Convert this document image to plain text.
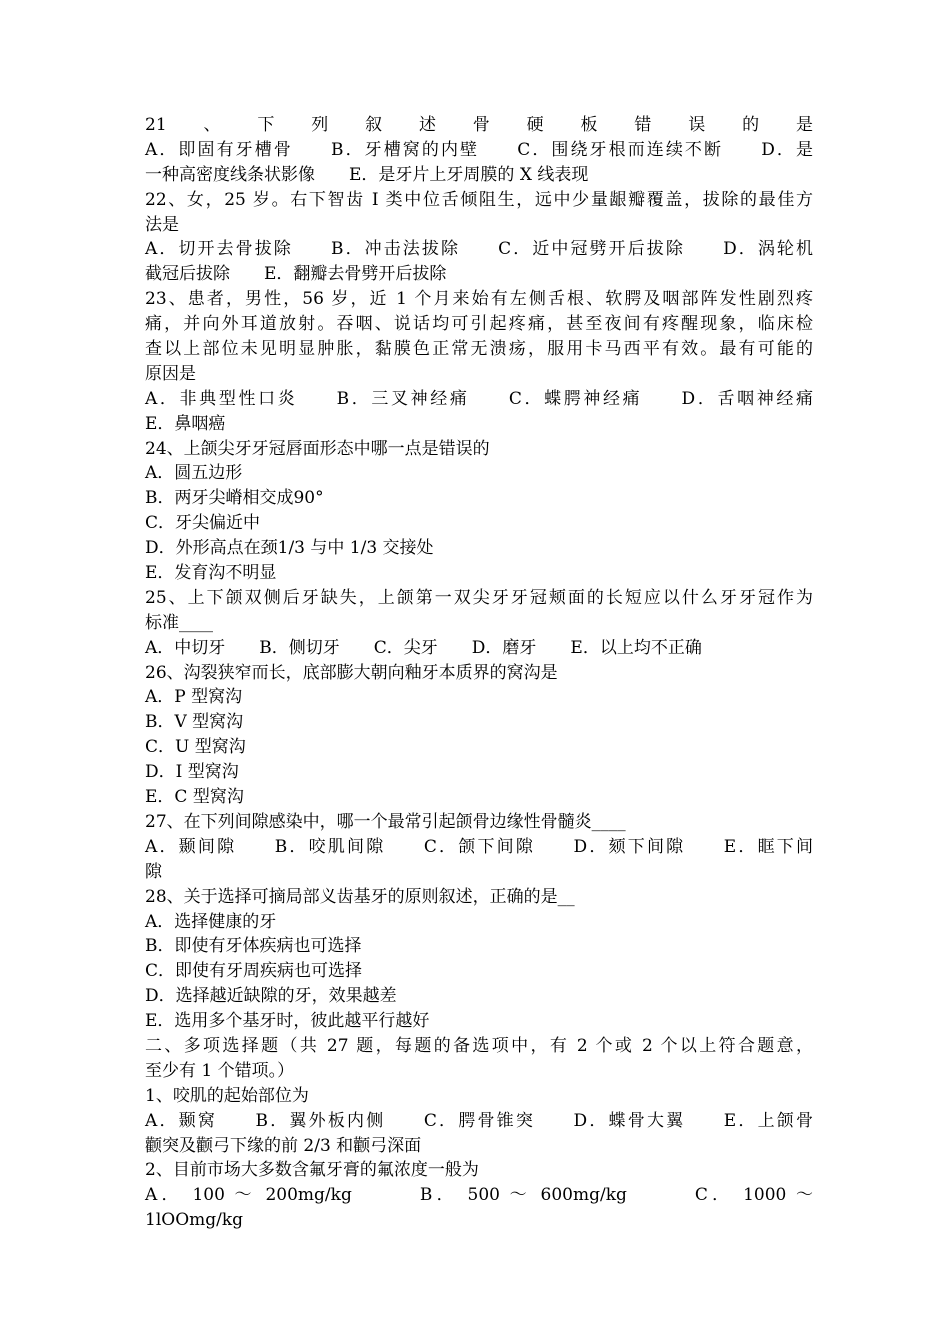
21、下列叙述骨硬板错误的是
A．即固有牙槽骨　　B．牙槽窝的内壁　　C．围绕牙根而连续不断　　D．是
一种高密度线条状影像　　E．是牙片上牙周膜的 X 线表现
22、女，25 岁。右下智齿 I 类中位舌倾阻生，远中少量龈瓣覆盖，拔除的最佳方
法是
A．切开去骨拔除　　B．冲击法拔除　　C．近中冠劈开后拔除　　D．涡轮机
截冠后拔除　　E．翻瓣去骨劈开后拔除
23、患者，男性，56 岁，近 1 个月来始有左侧舌根、软腭及咽部阵发性剧烈疼
痛，并向外耳道放射。吞咽、说话均可引起疼痛，甚至夜间有疼醒现象，临床检
查以上部位未见明显肿胀，黏膜色正常无溃疡，服用卡马西平有效。最有可能的
原因是
A．非典型性口炎　　B．三叉神经痛　　C．蝶腭神经痛　　D．舌咽神经痛
E．鼻咽癌
24、上颌尖牙牙冠唇面形态中哪一点是错误的
A．圆五边形
B．两牙尖嵴相交成90°
C．牙尖偏近中
D．外形高点在颈1/3 与中 1/3 交接处
E．发育沟不明显
25、上下颌双侧后牙缺失，上颌第一双尖牙牙冠颊面的长短应以什么牙牙冠作为
标准____
A．中切牙　　B．侧切牙　　C．尖牙　　D．磨牙　　E．以上均不正确
26、沟裂狭窄而长，底部膨大朝向釉牙本质界的窝沟是
A．P 型窝沟
B．V 型窝沟
C．U 型窝沟
D．I 型窝沟
E．C 型窝沟
27、在下列间隙感染中，哪一个最常引起颌骨边缘性骨髓炎____
A．颞间隙　　B．咬肌间隙　　C．颌下间隙　　D．颏下间隙　　E．眶下间
隙
28、关于选择可摘局部义齿基牙的原则叙述，正确的是__
A．选择健康的牙
B．即使有牙体疾病也可选择
C．即使有牙周疾病也可选择
D．选择越近缺隙的牙，效果越差
E．选用多个基牙时，彼此越平行越好
二、多项选择题（共 27 题，每题的备选项中，有 2 个或 2 个以上符合题意，
至少有 1 个错项。）
1、咬肌的起始部位为
A．颞窝　　B．翼外板内侧　　C．腭骨锥突　　D．蝶骨大翼　　E．上颌骨
颧突及颧弓下缘的前 2/3 和颧弓深面
2、目前市场大多数含氟牙膏的氟浓度一般为
A． 100 ～ 200mg/kg　　　B． 500 ～ 600mg/kg　　　C． 1000 ～ 1lOOmg/kg
